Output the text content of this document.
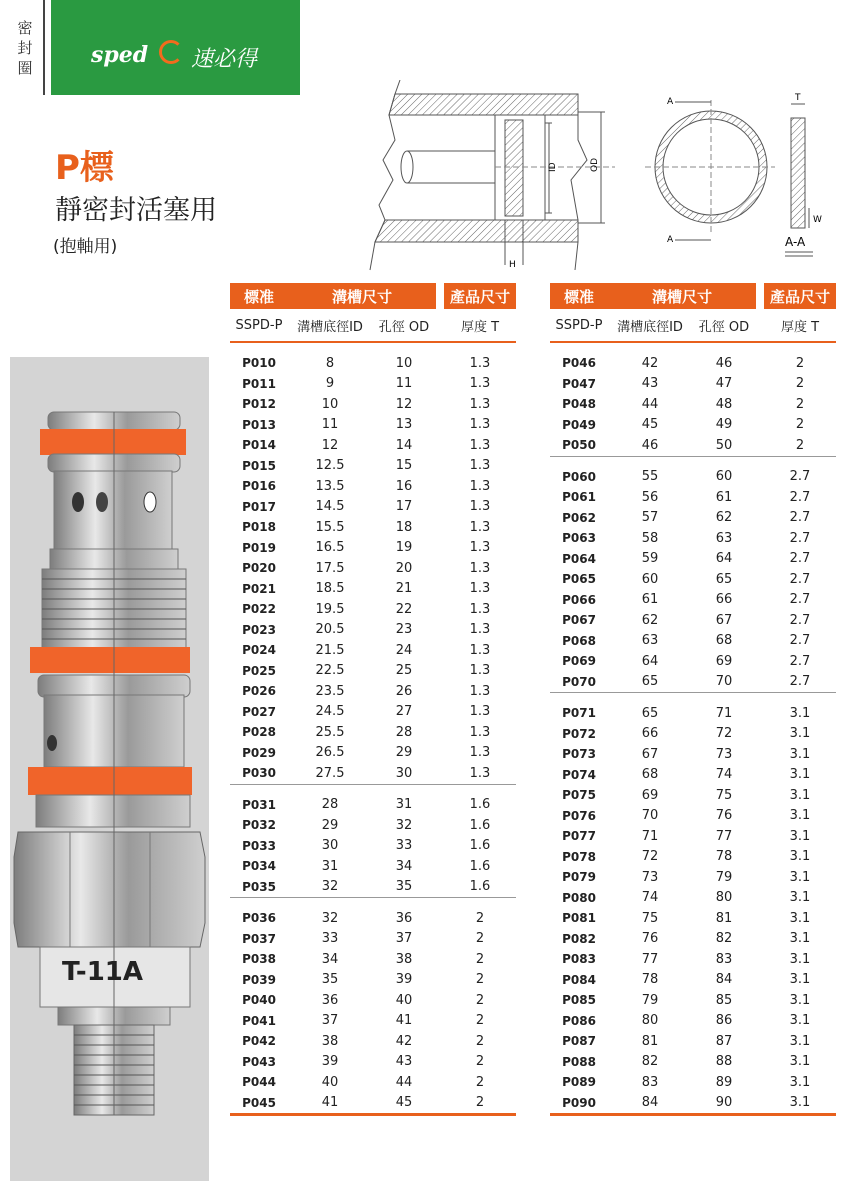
密封圈	sped 速必得
P標
靜密封活塞用
(抱軸用)
ID	OD
H
A
A
T
W
A-A
T-11A
標准	溝槽尺寸			產品尺寸
SSPD-P	溝槽底徑ID	孔徑 OD		厚度 T

P010	8	10		1.3
P011	9	11		1.3
P012	10	12		1.3
P013	11	13		1.3
P014	12	14		1.3
P015	12.5	15		1.3
P016	13.5	16		1.3
P017	14.5	17		1.3
P018	15.5	18		1.3
P019	16.5	19		1.3
P020	17.5	20		1.3
P021	18.5	21		1.3
P022	19.5	22		1.3
P023	20.5	23		1.3
P024	21.5	24		1.3
P025	22.5	25		1.3
P026	23.5	26		1.3
P027	24.5	27		1.3
P028	25.5	28		1.3
P029	26.5	29		1.3
P030	27.5	30		1.3

P031	28	31		1.6
P032	29	32		1.6
P033	30	33		1.6
P034	31	34		1.6
P035	32	35		1.6

P036	32	36		2
P037	33	37		2
P038	34	38		2
P039	35	39		2
P040	36	40		2
P041	37	41		2
P042	38	42		2
P043	39	43		2
P044	40	44		2
P045	41	45		2
標准	溝槽尺寸			產品尺寸
SSPD-P	溝槽底徑ID	孔徑 OD		厚度 T

P046	42	46		2
P047	43	47		2
P048	44	48		2
P049	45	49		2
P050	46	50		2

P060	55	60		2.7
P061	56	61		2.7
P062	57	62		2.7
P063	58	63		2.7
P064	59	64		2.7
P065	60	65		2.7
P066	61	66		2.7
P067	62	67		2.7
P068	63	68		2.7
P069	64	69		2.7
P070	65	70		2.7

P071	65	71		3.1
P072	66	72		3.1
P073	67	73		3.1
P074	68	74		3.1
P075	69	75		3.1
P076	70	76		3.1
P077	71	77		3.1
P078	72	78		3.1
P079	73	79		3.1
P080	74	80		3.1
P081	75	81		3.1
P082	76	82		3.1
P083	77	83		3.1
P084	78	84		3.1
P085	79	85		3.1
P086	80	86		3.1
P087	81	87		3.1
P088	82	88		3.1
P089	83	89		3.1
P090	84	90		3.1
